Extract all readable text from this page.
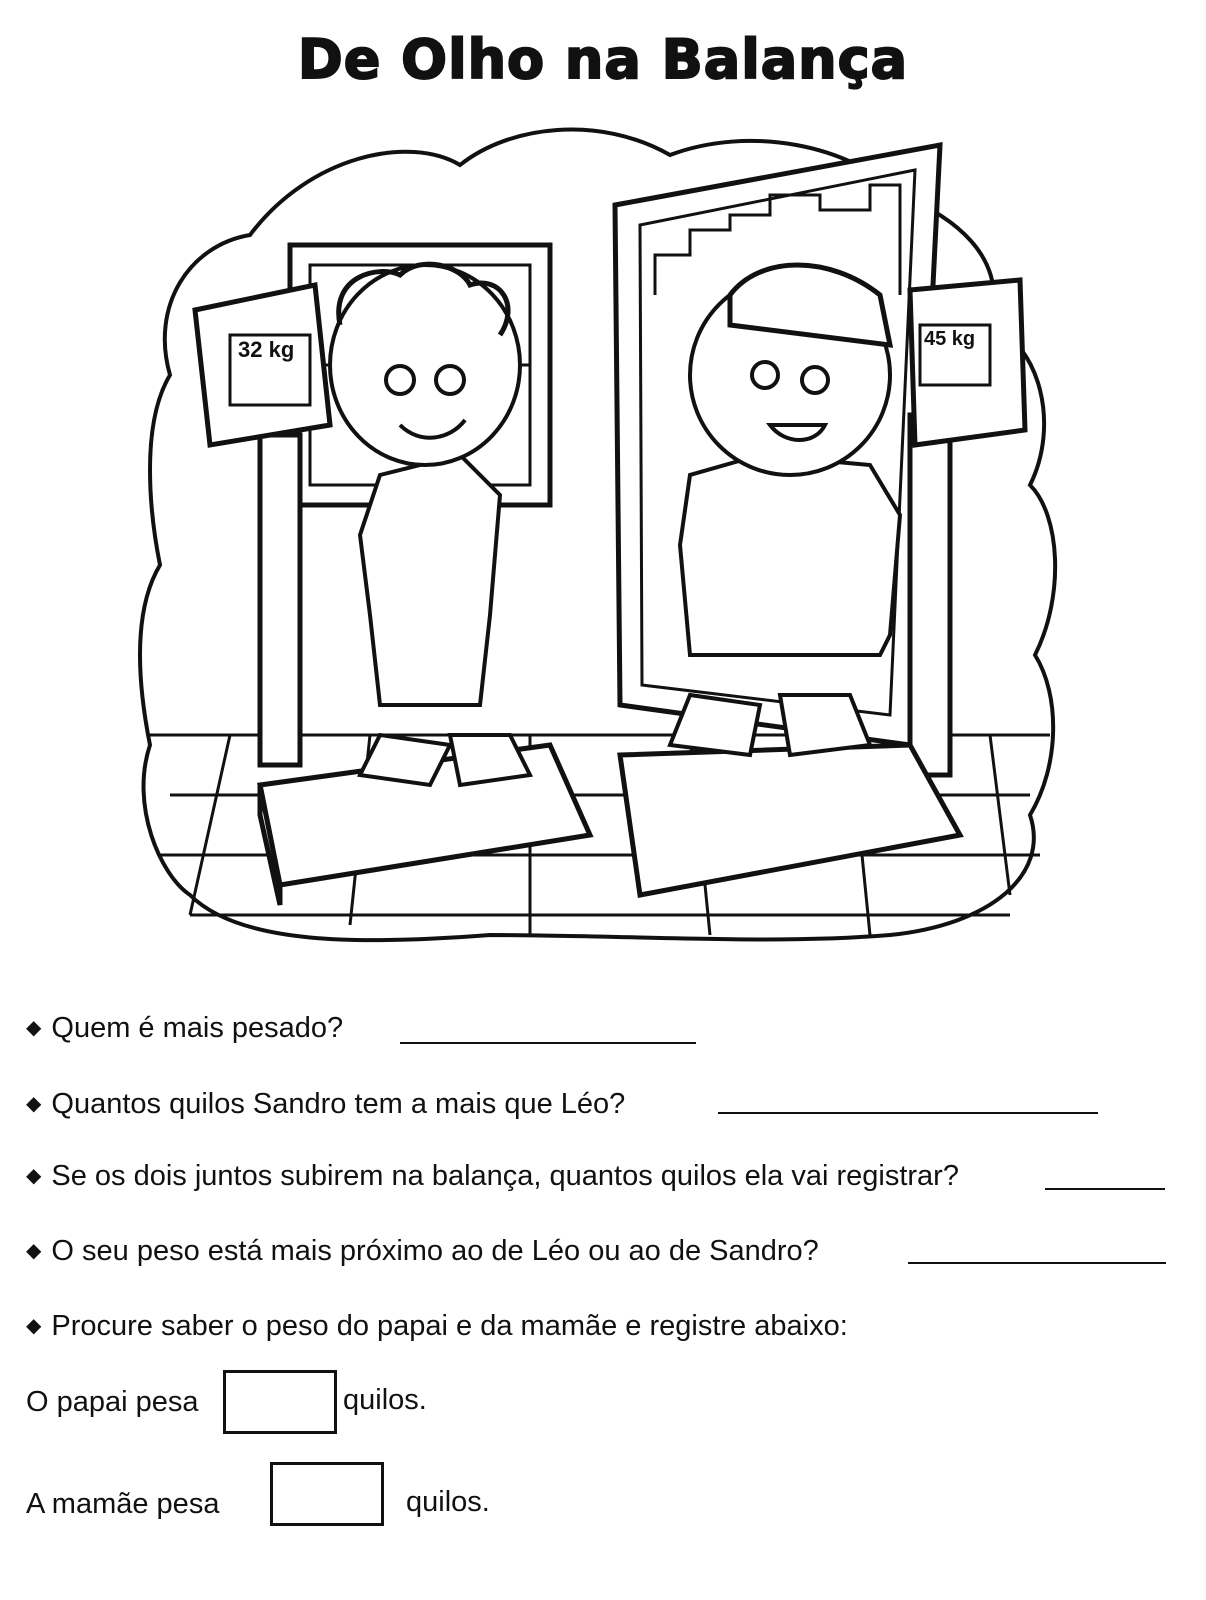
De Olho na Balança
32 kg	45 kg
◆ Quem é mais pesado?
◆ Quantos quilos Sandro tem a mais que Léo?
◆ Se os dois juntos subirem na balança, quantos quilos ela vai registrar?
◆ O seu peso está mais próximo ao de Léo ou ao de Sandro?
◆ Procure saber o peso do papai e da mamãe e registre abaixo:
O papai pesa	quilos.
A mamãe pesa	quilos.
